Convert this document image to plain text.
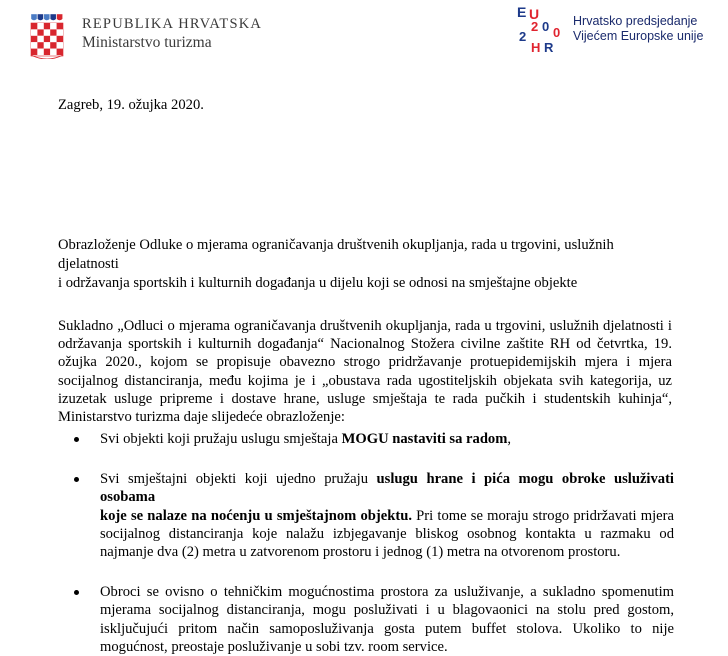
REPUBLIKA HRVATSKA
Ministarstvo turizma
E U
2 0
2 0
H R
Hrvatsko predsjedanje
Vijećem Europske unije
Zagreb, 19. ožujka 2020.
Obrazloženje Odluke o mjerama ograničavanja društvenih okupljanja, rada u trgovini, uslužnih djelatnosti
i održavanja sportskih i kulturnih događanja u dijelu koji se odnosi na smještajne objekte
Sukladno „Odluci o mjerama ograničavanja društvenih okupljanja, rada u trgovini, uslužnih djelatnosti i
održavanja sportskih i kulturnih događanja“ Nacionalnog Stožera civilne zaštite RH od četvrtka, 19.
ožujka 2020., kojom se propisuje obavezno strogo pridržavanje protuepidemijskih mjera i mjera
socijalnog distanciranja, među kojima je i „obustava rada ugostiteljskih objekata svih kategorija, uz
izuzetak usluge pripreme i dostave hrane, usluge smještaja te rada pučkih i studentskih kuhinja“,
Ministarstvo turizma daje slijedeće obrazloženje:
Svi objekti koji pružaju uslugu smještaja MOGU nastaviti sa radom,
Svi smještajni objekti koji ujedno pružaju uslugu hrane i pića mogu obroke usluživati osobama
koje se nalaze na noćenju u smještajnom objektu. Pri tome se moraju strogo pridržavati mjera
socijalnog distanciranja koje nalažu izbjegavanje bliskog osobnog kontakta u razmaku od
najmanje dva (2) metra u zatvorenom prostoru i jednog (1) metra na otvorenom prostoru.
Obroci se ovisno o tehničkim mogućnostima prostora za usluživanje, a sukladno spomenutim
mjerama socijalnog distanciranja, mogu posluživati i u blagovaonici na stolu pred gostom,
isključujući pritom način samoposluživanja gosta putem buffet stolova. Ukoliko to nije
mogućnost, preostaje posluživanje u sobi tzv. room service.
